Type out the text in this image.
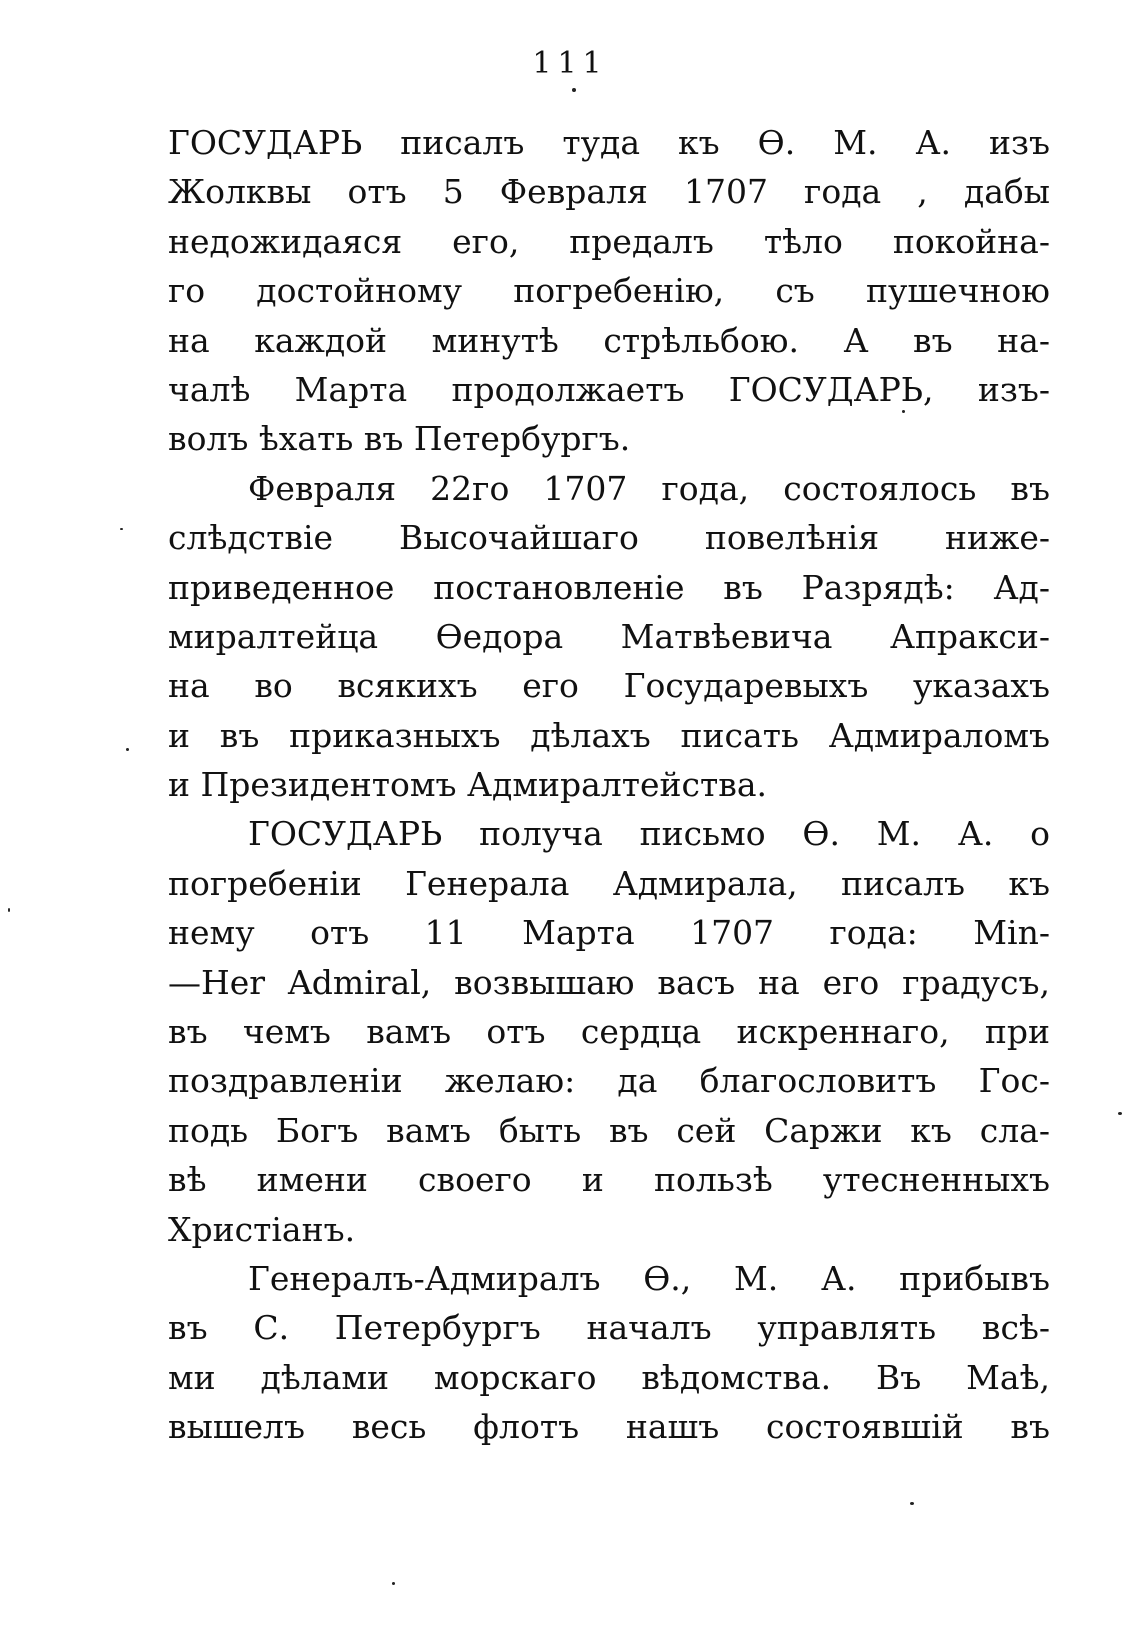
111
ГОСУДАРЬ писалъ туда къ Ѳ. М. А. изъ
Жолквы отъ 5 Февраля 1707 года , дабы
недожидаяся его, предалъ тѣло покойна-
го достойному погребенію, съ пушечною
на каждой минутѣ стрѣльбою. А въ на-
чалѣ Марта продолжаетъ ГОСУДАРЬ, изъ-
волъ ѣхать въ Петербургъ.
Февраля 22го 1707 года, состоялось въ
слѣдствіе Высочайшаго повелѣнія ниже-
приведенное постановленіе въ Разрядѣ: Ад-
миралтейца Ѳедора Матвѣевича Апракси-
на во всякихъ его Государевыхъ указахъ
и въ приказныхъ дѣлахъ писать Адмираломъ
и Президентомъ Адмиралтейства.
ГОСУДАРЬ получа письмо Ѳ. М. А. о
погребеніи Генерала Адмирала, писалъ къ
нему отъ 11 Марта 1707 года: Min-
—Her Admiral, возвышаю васъ на его градусъ,
въ чемъ вамъ отъ сердца искреннаго, при
поздравленіи желаю: да благословитъ Гос-
подь Богъ вамъ быть въ сей Саржи къ сла-
вѣ имени своего и пользѣ утесненныхъ
Христіанъ.
Генералъ-Адмиралъ Ѳ., М. А. прибывъ
въ С. Петербургъ началъ управлять всѣ-
ми дѣлами морскаго вѣдомства. Въ Маѣ,
вышелъ весь флотъ нашъ состоявшій въ
